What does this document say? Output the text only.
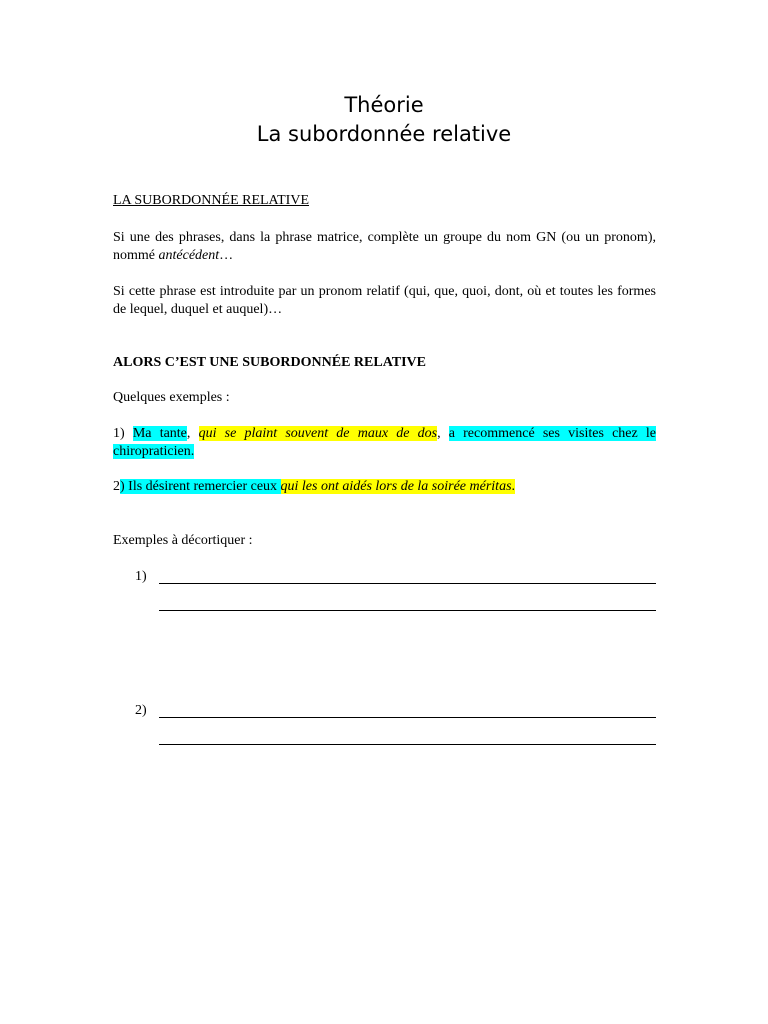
Théorie
La subordonnée relative

LA SUBORDONNÉE RELATIVE

Si une des phrases, dans la phrase matrice, complète un groupe du nom GN (ou un pronom), nommé antécédent…

Si cette phrase est introduite par un pronom relatif (qui, que, quoi, dont, où et toutes les formes de lequel, duquel et auquel)…

ALORS C’EST UNE SUBORDONNÉE RELATIVE

Quelques exemples :

1) Ma tante, qui se plaint souvent de maux de dos, a recommencé ses visites chez le chiropraticien.

2) Ils désirent remercier ceux qui les ont aidés lors de la soirée méritas.

Exemples à décortiquer :

1)
2)
